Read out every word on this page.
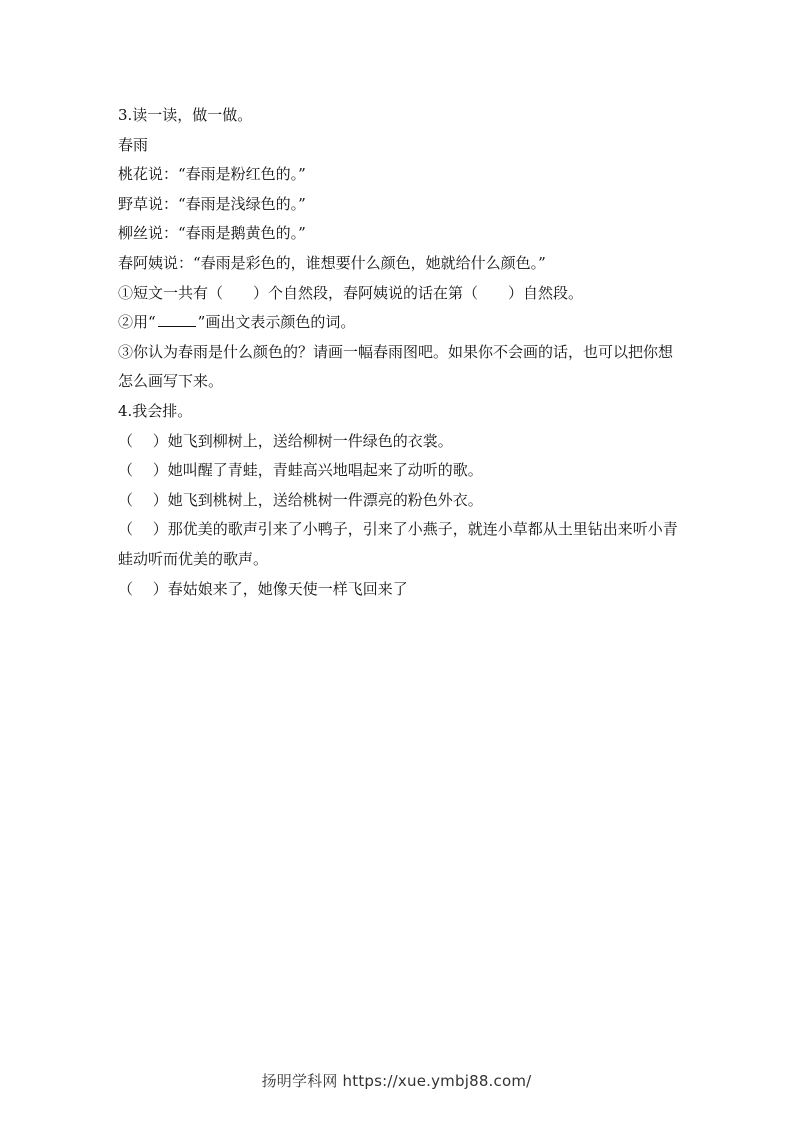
3.读一读，做一做。
春雨
桃花说：“春雨是粉红色的。”
野草说：“春雨是浅绿色的。”
柳丝说：“春雨是鹅黄色的。”
春阿姨说：“春雨是彩色的，谁想要什么颜色，她就给什么颜色。”
①短文一共有（　　）个自然段，春阿姨说的话在第（　　）自然段。
②用“	”画出文表示颜色的词。
③你认为春雨是什么颜色的？请画一幅春雨图吧。如果你不会画的话，也可以把你想怎么画写下来。
4.我会排。
（　 ）她飞到柳树上，送给柳树一件绿色的衣裳。
（　 ）她叫醒了青蛙，青蛙高兴地唱起来了动听的歌。
（　 ）她飞到桃树上，送给桃树一件漂亮的粉色外衣。
（　 ）那优美的歌声引来了小鸭子，引来了小燕子，就连小草都从土里钻出来听小青蛙动听而优美的歌声。
（　 ）春姑娘来了，她像天使一样飞回来了
扬明学科网 https://xue.ymbj88.com/
